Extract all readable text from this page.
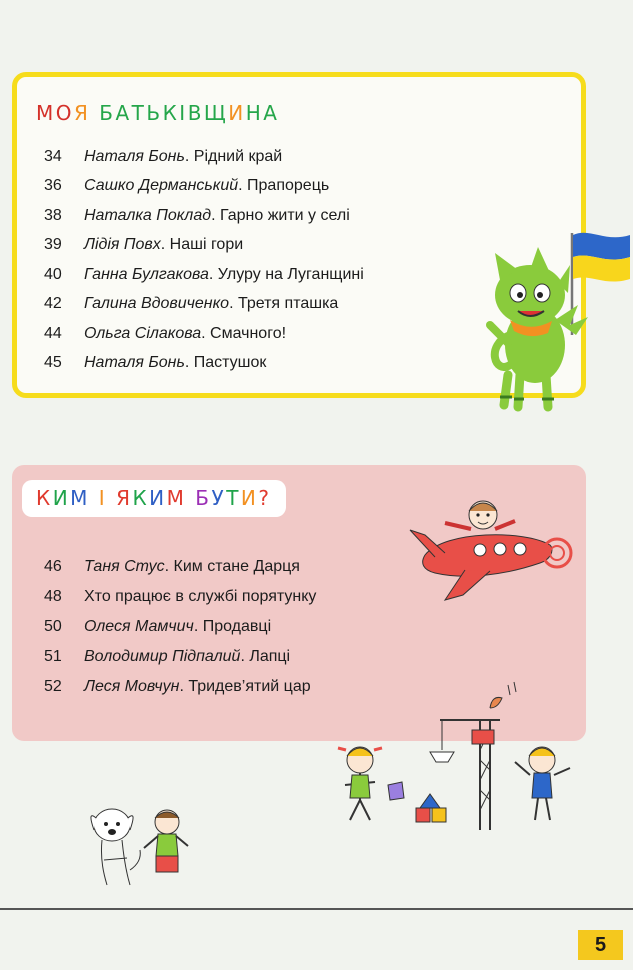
МОЯ БАТЬКІВЩИНА
34	Наталя Бонь . Рідний край
36	Сашко Дерманський . Прапорець
38	Наталка Поклад . Гарно жити у селі
39	Лідія Повх . Наші гори
40	Ганна Булгакова . Улуру на Луганщині
42	Галина Вдовиченко . Третя пташка
44	Ольга Сілакова . Смачного!
45	Наталя Бонь . Пастушок
КИМ І ЯКИМ БУТИ?
46	Таня Стус . Ким стане Дарця
48	Хто працює в службі порятунку
50	Олеся Мамчич . Продавці
51	Володимир Підпалий . Лапці
52	Леся Мовчун . Тридев’ятий цар
5
